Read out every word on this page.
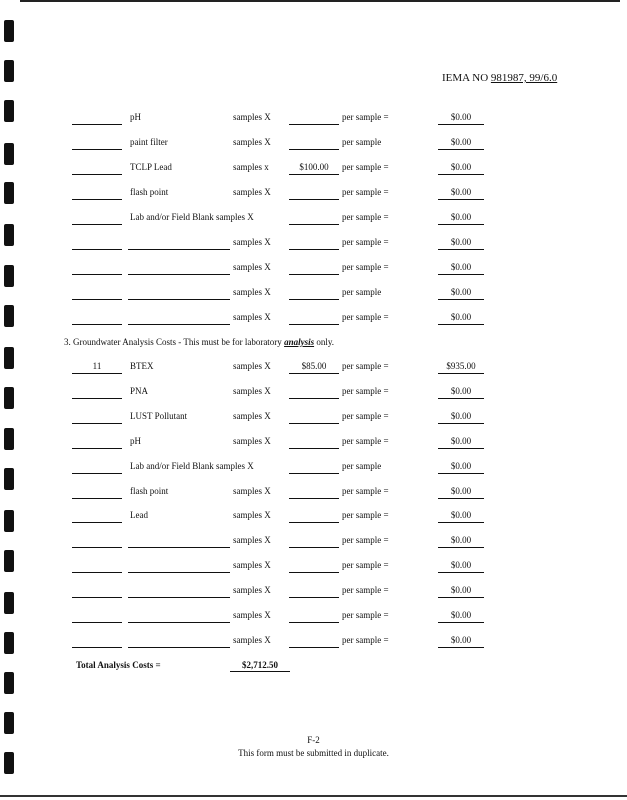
IEMA NO 981987, 99/6.0
pH	samples X	per sample =	$0.00
paint filter	samples X	per sample	$0.00
TCLP Lead	samples x	$100.00	per sample =	$0.00
flash point	samples X	per sample =	$0.00
Lab and/or Field Blank samples X	per sample =	$0.00
samples X	per sample =	$0.00
samples X	per sample =	$0.00
samples X	per sample	$0.00
samples X	per sample =	$0.00
3. Groundwater Analysis Costs - This must be for laboratory analysis only.
11	BTEX	samples X	$85.00	per sample =	$935.00
PNA	samples X	per sample =	$0.00
LUST Pollutant	samples X	per sample =	$0.00
pH	samples X	per sample =	$0.00
Lab and/or Field Blank samples X	per sample	$0.00
flash point	samples X	per sample =	$0.00
Lead	samples X	per sample =	$0.00
samples X	per sample =	$0.00
samples X	per sample =	$0.00
samples X	per sample =	$0.00
samples X	per sample =	$0.00
samples X	per sample =	$0.00
Total Analysis Costs =	$2,712.50
F-2
This form must be submitted in duplicate.
